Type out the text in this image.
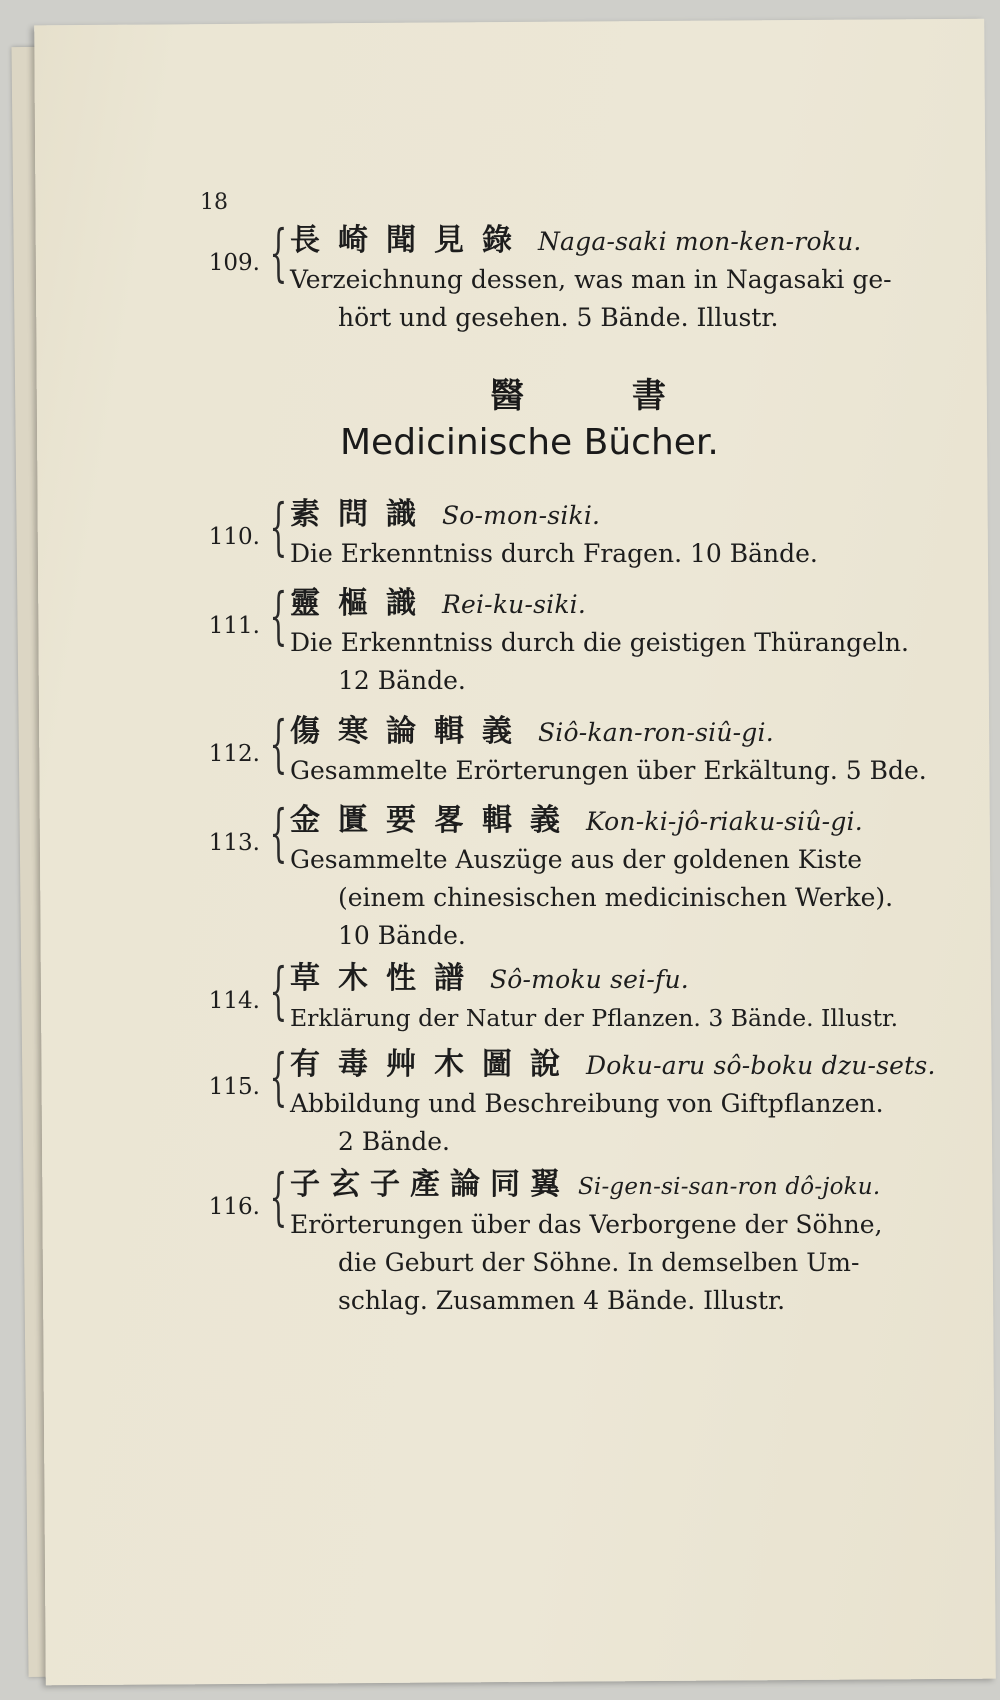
18
109. { 長崎聞見錄 Naga-saki mon-ken-roku.
Verzeichnung dessen, was man in Nagasaki ge-
hört und gesehen. 5 Bände. Illustr.
醫 書
Medicinische Bücher.
110. { 素問識 So-mon-siki.
Die Erkenntniss durch Fragen. 10 Bände.
111. { 靈樞識 Rei-ku-siki.
Die Erkenntniss durch die geistigen Thürangeln.
12 Bände.
112. { 傷寒論輯義 Siô-kan-ron-siû-gi.
Gesammelte Erörterungen über Erkältung. 5 Bde.
113. { 金匱要畧輯義 Kon-ki-jô-riaku-siû-gi.
Gesammelte Auszüge aus der goldenen Kiste
(einem chinesischen medicinischen Werke).
10 Bände.
114. { 草木性譜 Sô-moku sei-fu.
Erklärung der Natur der Pflanzen. 3 Bände. Illustr.
115. { 有毒艸木圖說 Doku-aru sô-boku dzu-sets.
Abbildung und Beschreibung von Giftpflanzen.
2 Bände.
116. { 子玄子產論同翼 Si-gen-si-san-ron dô-joku.
Erörterungen über das Verborgene der Söhne,
die Geburt der Söhne. In demselben Um-
schlag. Zusammen 4 Bände. Illustr.
